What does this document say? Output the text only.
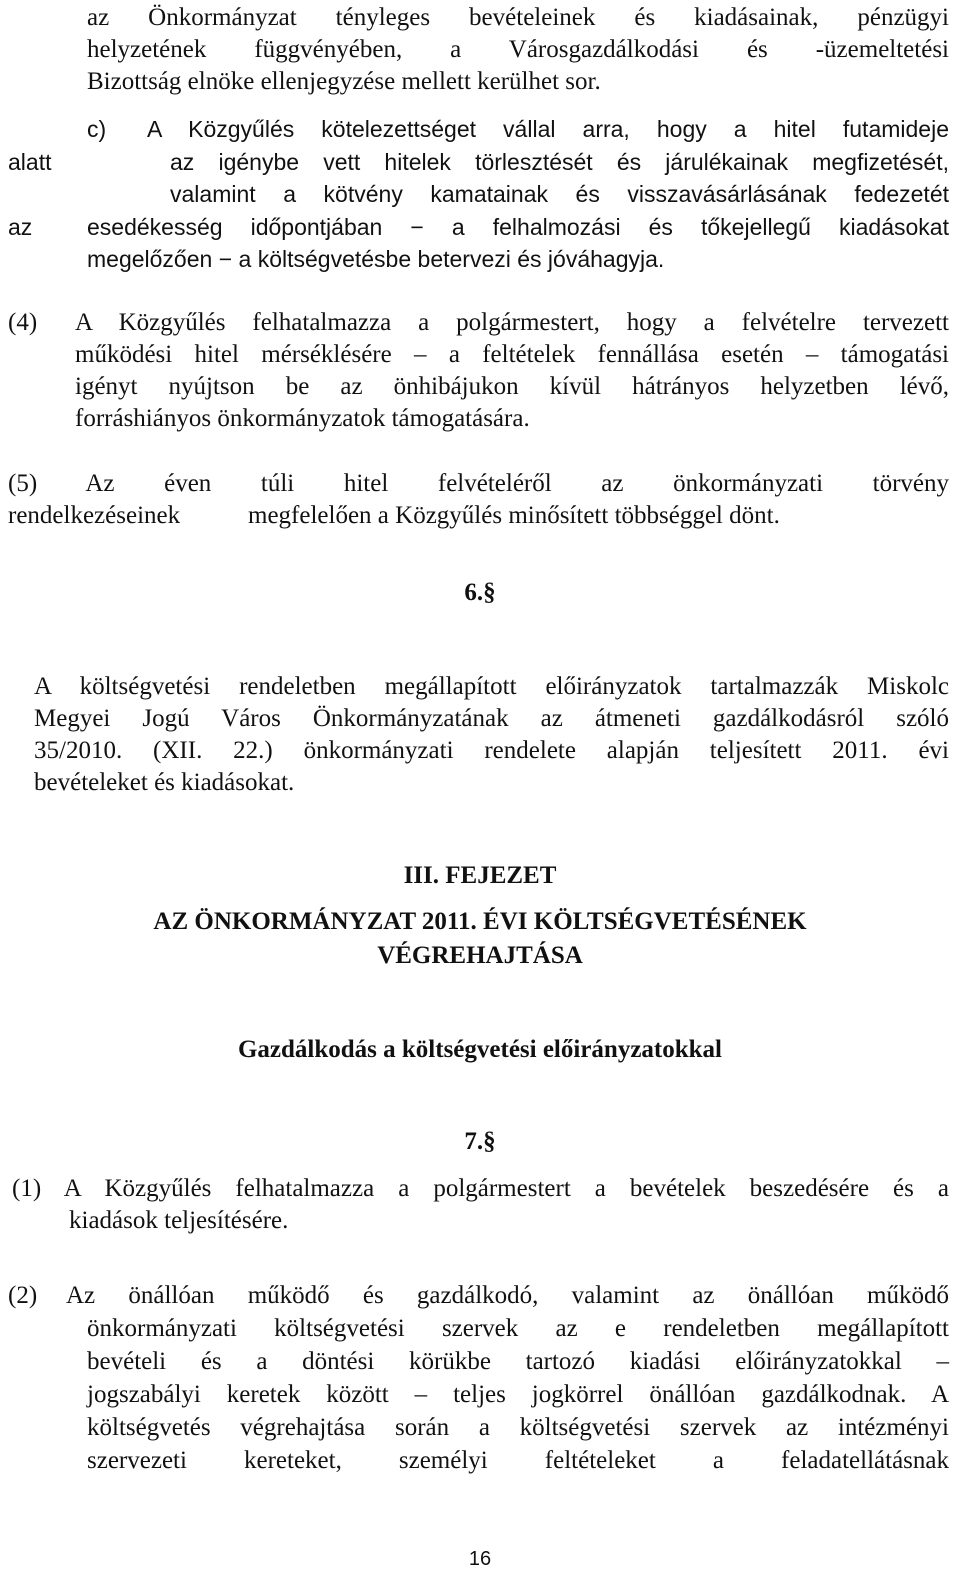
az Önkormányzat tényleges bevételeinek és kiadásainak, pénzügyi
helyzetének függvényében, a Városgazdálkodási és -üzemeltetési
Bizottság elnöke ellenjegyzése mellett kerülhet sor.
c) A Közgyűlés kötelezettséget vállal arra, hogy a hitel futamideje
alatt	az igénybe vett hitelek törlesztését és járulékainak megfizetését,
valamint a kötvény kamatainak és visszavásárlásának fedezetét
az esedékesség időpontjában − a felhalmozási és tőkejellegű kiadásokat
megelőzően − a költségvetésbe betervezi és jóváhagyja.
(4) A Közgyűlés felhatalmazza a polgármestert, hogy a felvételre tervezett
működési hitel mérséklésére – a feltételek fennállása esetén – támogatási
igényt nyújtson be az önhibájukon kívül hátrányos helyzetben lévő,
forráshiányos önkormányzatok támogatására.
(5) Az éven túli hitel felvételéről az önkormányzati törvény
rendelkezéseinek	megfelelően a Közgyűlés minősített többséggel dönt.
6.§
A költségvetési rendeletben megállapított előirányzatok tartalmazzák Miskolc
Megyei Jogú Város Önkormányzatának az átmeneti gazdálkodásról szóló
35/2010. (XII. 22.) önkormányzati rendelete alapján teljesített 2011. évi
bevételeket és kiadásokat.
III. FEJEZET
AZ ÖNKORMÁNYZAT 2011. ÉVI KÖLTSÉGVETÉSÉNEK
VÉGREHAJTÁSA
Gazdálkodás a költségvetési előirányzatokkal
7.§
(1) A Közgyűlés felhatalmazza a polgármestert a bevételek beszedésére és a
kiadások teljesítésére.
(2) Az önállóan működő és gazdálkodó, valamint az önállóan működő
önkormányzati költségvetési szervek az e rendeletben megállapított
bevételi és a döntési körükbe tartozó kiadási előirányzatokkal –
jogszabályi keretek között – teljes jogkörrel önállóan gazdálkodnak. A
költségvetés végrehajtása során a költségvetési szervek az intézményi
szervezeti kereteket, személyi feltételeket a feladatellátásnak
16
